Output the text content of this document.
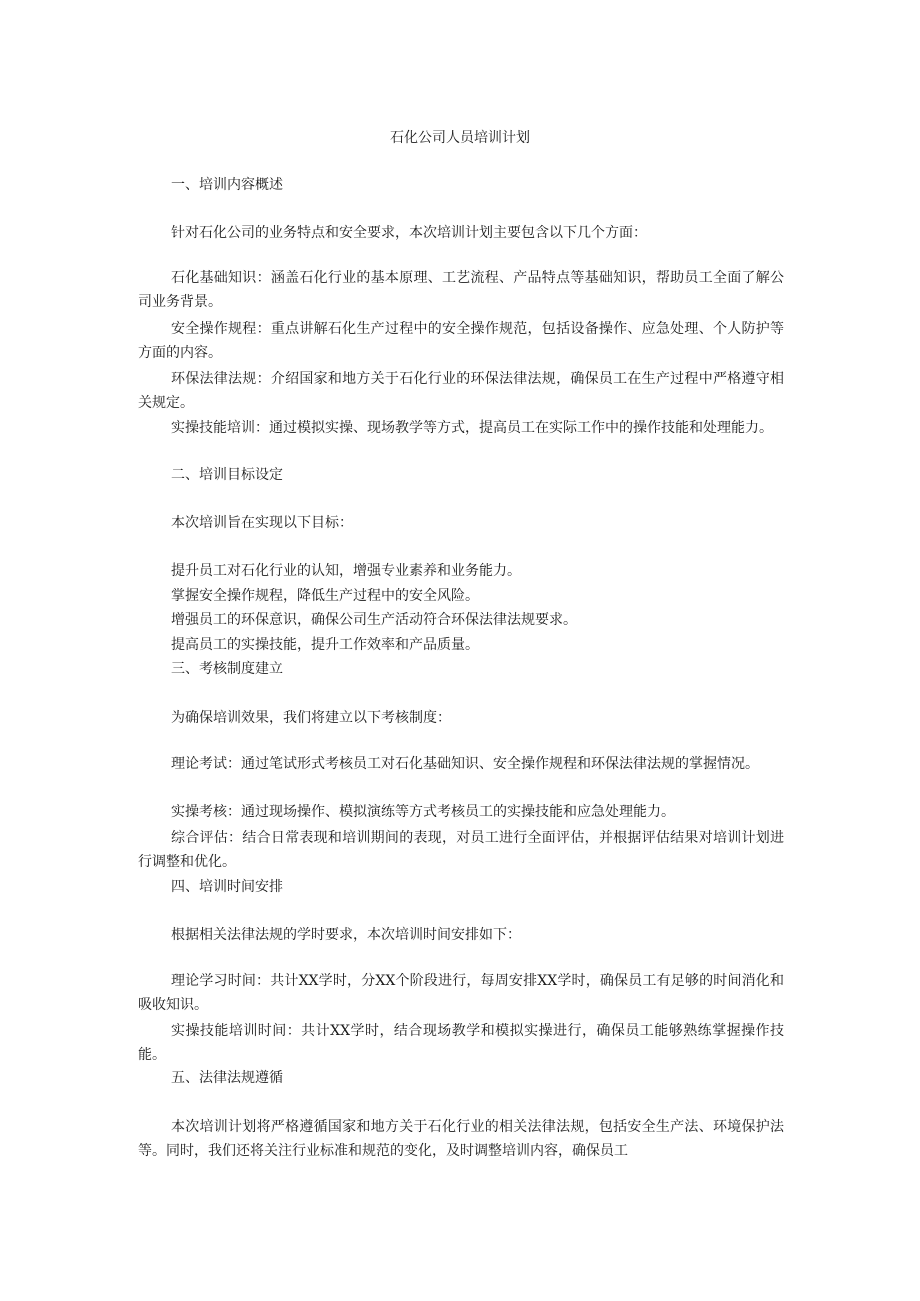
石化公司人员培训计划
一、培训内容概述
针对石化公司的业务特点和安全要求，本次培训计划主要包含以下几个方面：
石化基础知识：涵盖石化行业的基本原理、工艺流程、产品特点等基础知识，帮助员工全面了解公司业务背景。
安全操作规程：重点讲解石化生产过程中的安全操作规范，包括设备操作、应急处理、个人防护等方面的内容。
环保法律法规：介绍国家和地方关于石化行业的环保法律法规，确保员工在生产过程中严格遵守相关规定。
实操技能培训：通过模拟实操、现场教学等方式，提高员工在实际工作中的操作技能和处理能力。
二、培训目标设定
本次培训旨在实现以下目标：
提升员工对石化行业的认知，增强专业素养和业务能力。
掌握安全操作规程，降低生产过程中的安全风险。
增强员工的环保意识，确保公司生产活动符合环保法律法规要求。
提高员工的实操技能，提升工作效率和产品质量。
三、考核制度建立
为确保培训效果，我们将建立以下考核制度：
理论考试：通过笔试形式考核员工对石化基础知识、安全操作规程和环保法律法规的掌握情况。
实操考核：通过现场操作、模拟演练等方式考核员工的实操技能和应急处理能力。
综合评估：结合日常表现和培训期间的表现，对员工进行全面评估，并根据评估结果对培训计划进行调整和优化。
四、培训时间安排
根据相关法律法规的学时要求，本次培训时间安排如下：
理论学习时间：共计XX学时，分XX个阶段进行，每周安排XX学时，确保员工有足够的时间消化和吸收知识。
实操技能培训时间：共计XX学时，结合现场教学和模拟实操进行，确保员工能够熟练掌握操作技能。
五、法律法规遵循
本次培训计划将严格遵循国家和地方关于石化行业的相关法律法规，包括安全生产法、环境保护法等。同时，我们还将关注行业标准和规范的变化，及时调整培训内容，确保员工
